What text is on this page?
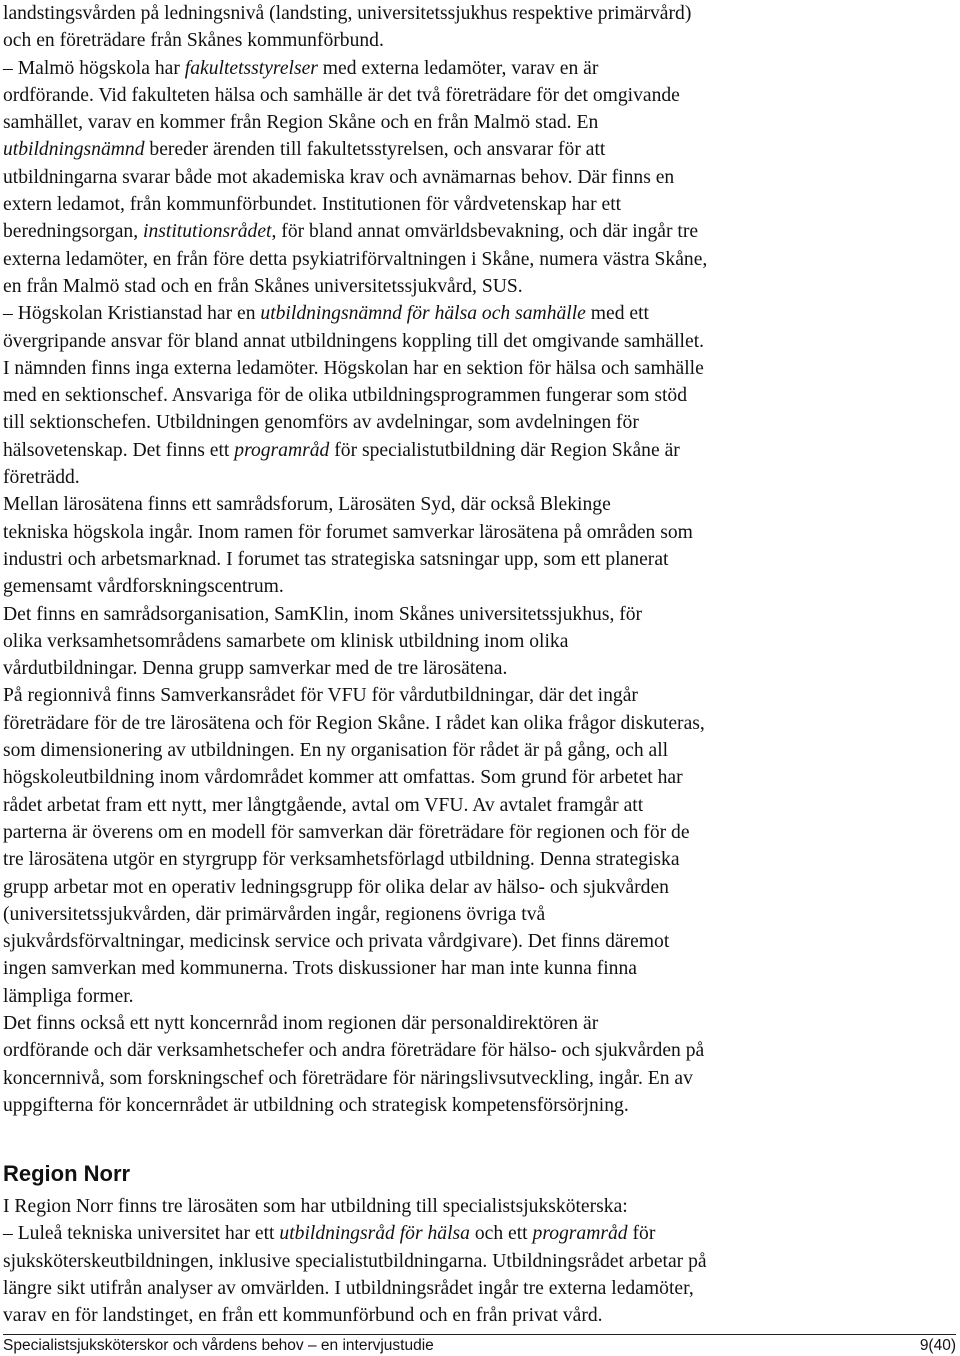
landstingsvården på ledningsnivå (landsting, universitetssjukhus respektive primärvård)
och en företrädare från Skånes kommunförbund.
– Malmö högskola har fakultetsstyrelser med externa ledamöter, varav en är
ordförande. Vid fakulteten hälsa och samhälle är det två företrädare för det omgivande
samhället, varav en kommer från Region Skåne och en från Malmö stad. En
utbildningsnämnd bereder ärenden till fakultetsstyrelsen, och ansvarar för att
utbildningarna svarar både mot akademiska krav och avnämarnas behov. Där finns en
extern ledamot, från kommunförbundet. Institutionen för vårdvetenskap har ett
beredningsorgan, institutionsrådet, för bland annat omvärldsbevakning, och där ingår tre
externa ledamöter, en från före detta psykiatriförvaltningen i Skåne, numera västra Skåne,
en från Malmö stad och en från Skånes universitetssjukvård, SUS.
– Högskolan Kristianstad har en utbildningsnämnd för hälsa och samhälle med ett
övergripande ansvar för bland annat utbildningens koppling till det omgivande samhället.
I nämnden finns inga externa ledamöter. Högskolan har en sektion för hälsa och samhälle
med en sektionschef. Ansvariga för de olika utbildningsprogrammen fungerar som stöd
till sektionschefen. Utbildningen genomförs av avdelningar, som avdelningen för
hälsovetenskap. Det finns ett programråd för specialistutbildning där Region Skåne är
företrädd.
Mellan lärosätena finns ett samrådsforum, Lärosäten Syd, där också Blekinge
tekniska högskola ingår. Inom ramen för forumet samverkar lärosätena på områden som
industri och arbetsmarknad. I forumet tas strategiska satsningar upp, som ett planerat
gemensamt vårdforskningscentrum.
Det finns en samrådsorganisation, SamKlin, inom Skånes universitetssjukhus, för
olika verksamhetsområdens samarbete om klinisk utbildning inom olika
vårdutbildningar. Denna grupp samverkar med de tre lärosätena.
På regionnivå finns Samverkansrådet för VFU för vårdutbildningar, där det ingår
företrädare för de tre lärosätena och för Region Skåne. I rådet kan olika frågor diskuteras,
som dimensionering av utbildningen. En ny organisation för rådet är på gång, och all
högskoleutbildning inom vårdområdet kommer att omfattas. Som grund för arbetet har
rådet arbetat fram ett nytt, mer långtgående, avtal om VFU. Av avtalet framgår att
parterna är överens om en modell för samverkan där företrädare för regionen och för de
tre lärosätena utgör en styrgrupp för verksamhetsförlagd utbildning. Denna strategiska
grupp arbetar mot en operativ ledningsgrupp för olika delar av hälso- och sjukvården
(universitetssjukvården, där primärvården ingår, regionens övriga två
sjukvårdsförvaltningar, medicinsk service och privata vårdgivare). Det finns däremot
ingen samverkan med kommunerna. Trots diskussioner har man inte kunna finna
lämpliga former.
Det finns också ett nytt koncernråd inom regionen där personaldirektören är
ordförande och där verksamhetschefer och andra företrädare för hälso- och sjukvården på
koncernnivå, som forskningschef och företrädare för näringslivsutveckling, ingår. En av
uppgifterna för koncernrådet är utbildning och strategisk kompetensförsörjning.

Region Norr

I Region Norr finns tre lärosäten som har utbildning till specialistsjuksköterska:
– Luleå tekniska universitet har ett utbildningsråd för hälsa och ett programråd för
sjuksköterskeutbildningen, inklusive specialistutbildningarna. Utbildningsrådet arbetar på
längre sikt utifrån analyser av omvärlden. I utbildningsrådet ingår tre externa ledamöter,
varav en för landstinget, en från ett kommunförbund och en från privat vård.

Specialistsjuksköterskor och vårdens behov – en intervjustudie	9(40)
